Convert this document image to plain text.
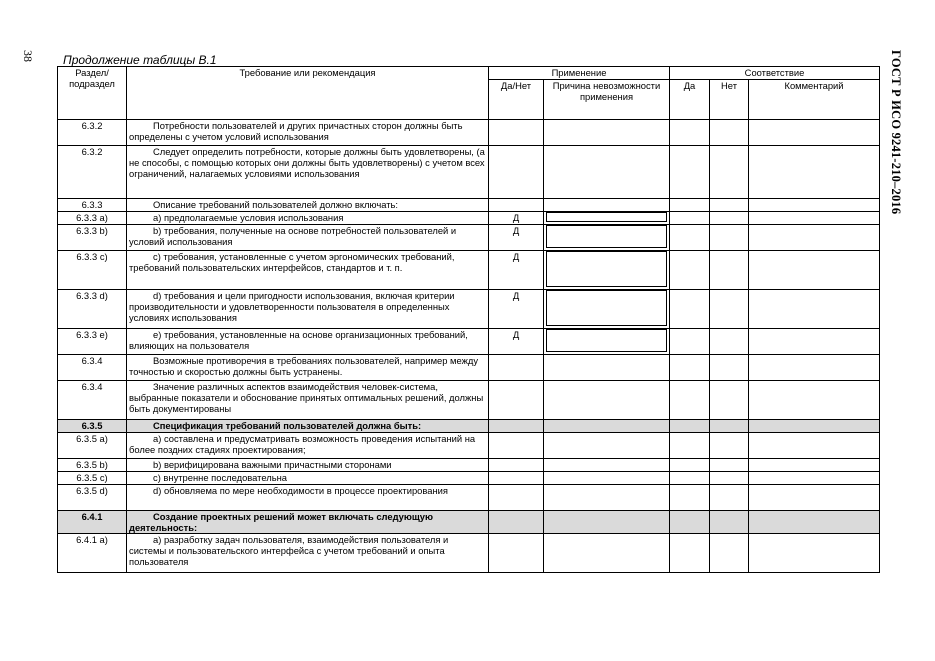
38 Продолжение таблицы В.1	ГОСТ Р ИСО 9241-210–2016
Раздел/
подраздел	Требование или рекомендация	Применение		Соответствие		
		Да/Нет	Причина невозможности применения	Да	Нет	Комментарий
6.3.2	Потребности пользователей и других причастных сторон должны быть определены с учетом условий использования					
6.3.2	Следует определить потребности, которые должны быть удовлетворены, (а не способы, с помощью которых они должны быть удовлетворены) с учетом всех ограничений, налагаемых условиями использования					
6.3.3	Описание требований пользователей должно включать:					
6.3.3 a)	a) предполагаемые условия использования	Д	

6.3.3 b)	b) требования, полученные на основе потребностей пользователей и условий использования	Д	

6.3.3 c)	c) требования, установленные с учетом эргономических требований, требований пользовательских интерфейсов, стандартов и т. п.	Д	

6.3.3 d)	d) требования и цели пригодности использования, включая критерии производительности и удовлетворенности пользователя в определенных условиях использования	Д	

6.3.3 e)	e) требования, установленные на основе организационных требований, влияющих на пользователя	Д	

6.3.4	Возможные противоречия в требованиях пользователей, например между точностью и скоростью должны быть устранены.					
6.3.4	Значение различных аспектов взаимодействия человек-система, выбранные показатели и обоснование принятых оптимальных решений, должны быть документированы					
6.3.5	Спецификация требований пользователей должна быть:					
6.3.5 a)	a) составлена и предусматривать возможность проведения испытаний на более поздних стадиях проектирования;					
6.3.5 b)	b) верифицирована важными причастными сторонами					
6.3.5 c)	c) внутренне последовательна					
6.3.5 d)	d) обновляема по мере необходимости в процессе проектирования					
6.4.1	Создание проектных решений может включать следующую деятельность:					
6.4.1 a)	a) разработку задач пользователя, взаимодействия пользователя и системы и пользовательского интерфейса с учетом требований и опыта пользователя					
